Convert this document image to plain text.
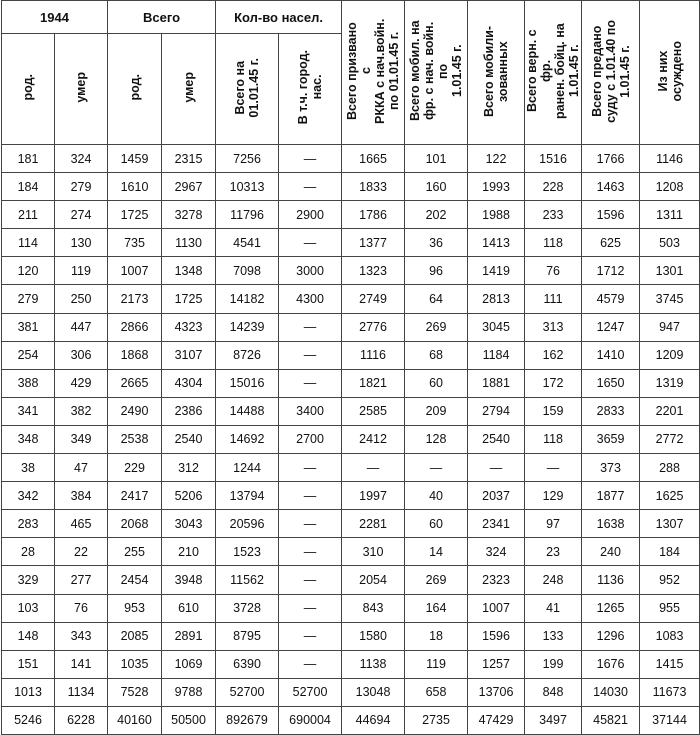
1944		Всего		Кол-во насел.		Всего призвано с
РККА с нач.войн.
по 01.01.45 г.	Всего мобил. на
фр. с нач. войн. по
1.01.45 г.	Всего мобили-
зованных	Всего верн. с фр.
ранен. бойц. на
1.01.45 г.	Всего предано
суду с 1.01.40 по
1.01.45 г.	Из них
осуждено
род.	умер	род.	умер	Всего на
01.01.45 г.	В т.ч. город.
нас.						
181	324	1459	2315	7256	—	1665	101	122	1516	1766	1146
184	279	1610	2967	10313	—	1833	160	1993	228	1463	1208
211	274	1725	3278	11796	2900	1786	202	1988	233	1596	1311
114	130	735	1130	4541	—	1377	36	1413	118	625	503
120	119	1007	1348	7098	3000	1323	96	1419	76	1712	1301
279	250	2173	1725	14182	4300	2749	64	2813	111	4579	3745
381	447	2866	4323	14239	—	2776	269	3045	313	1247	947
254	306	1868	3107	8726	—	1116	68	1184	162	1410	1209
388	429	2665	4304	15016	—	1821	60	1881	172	1650	1319
341	382	2490	2386	14488	3400	2585	209	2794	159	2833	2201
348	349	2538	2540	14692	2700	2412	128	2540	118	3659	2772
38	47	229	312	1244	—	—	—	—	—	373	288
342	384	2417	5206	13794	—	1997	40	2037	129	1877	1625
283	465	2068	3043	20596	—	2281	60	2341	97	1638	1307
28	22	255	210	1523	—	310	14	324	23	240	184
329	277	2454	3948	11562	—	2054	269	2323	248	1136	952
103	76	953	610	3728	—	843	164	1007	41	1265	955
148	343	2085	2891	8795	—	1580	18	1596	133	1296	1083
151	141	1035	1069	6390	—	1138	119	1257	199	1676	1415
1013	1134	7528	9788	52700	52700	13048	658	13706	848	14030	11673
5246	6228	40160	50500	892679	690004	44694	2735	47429	3497	45821	37144
